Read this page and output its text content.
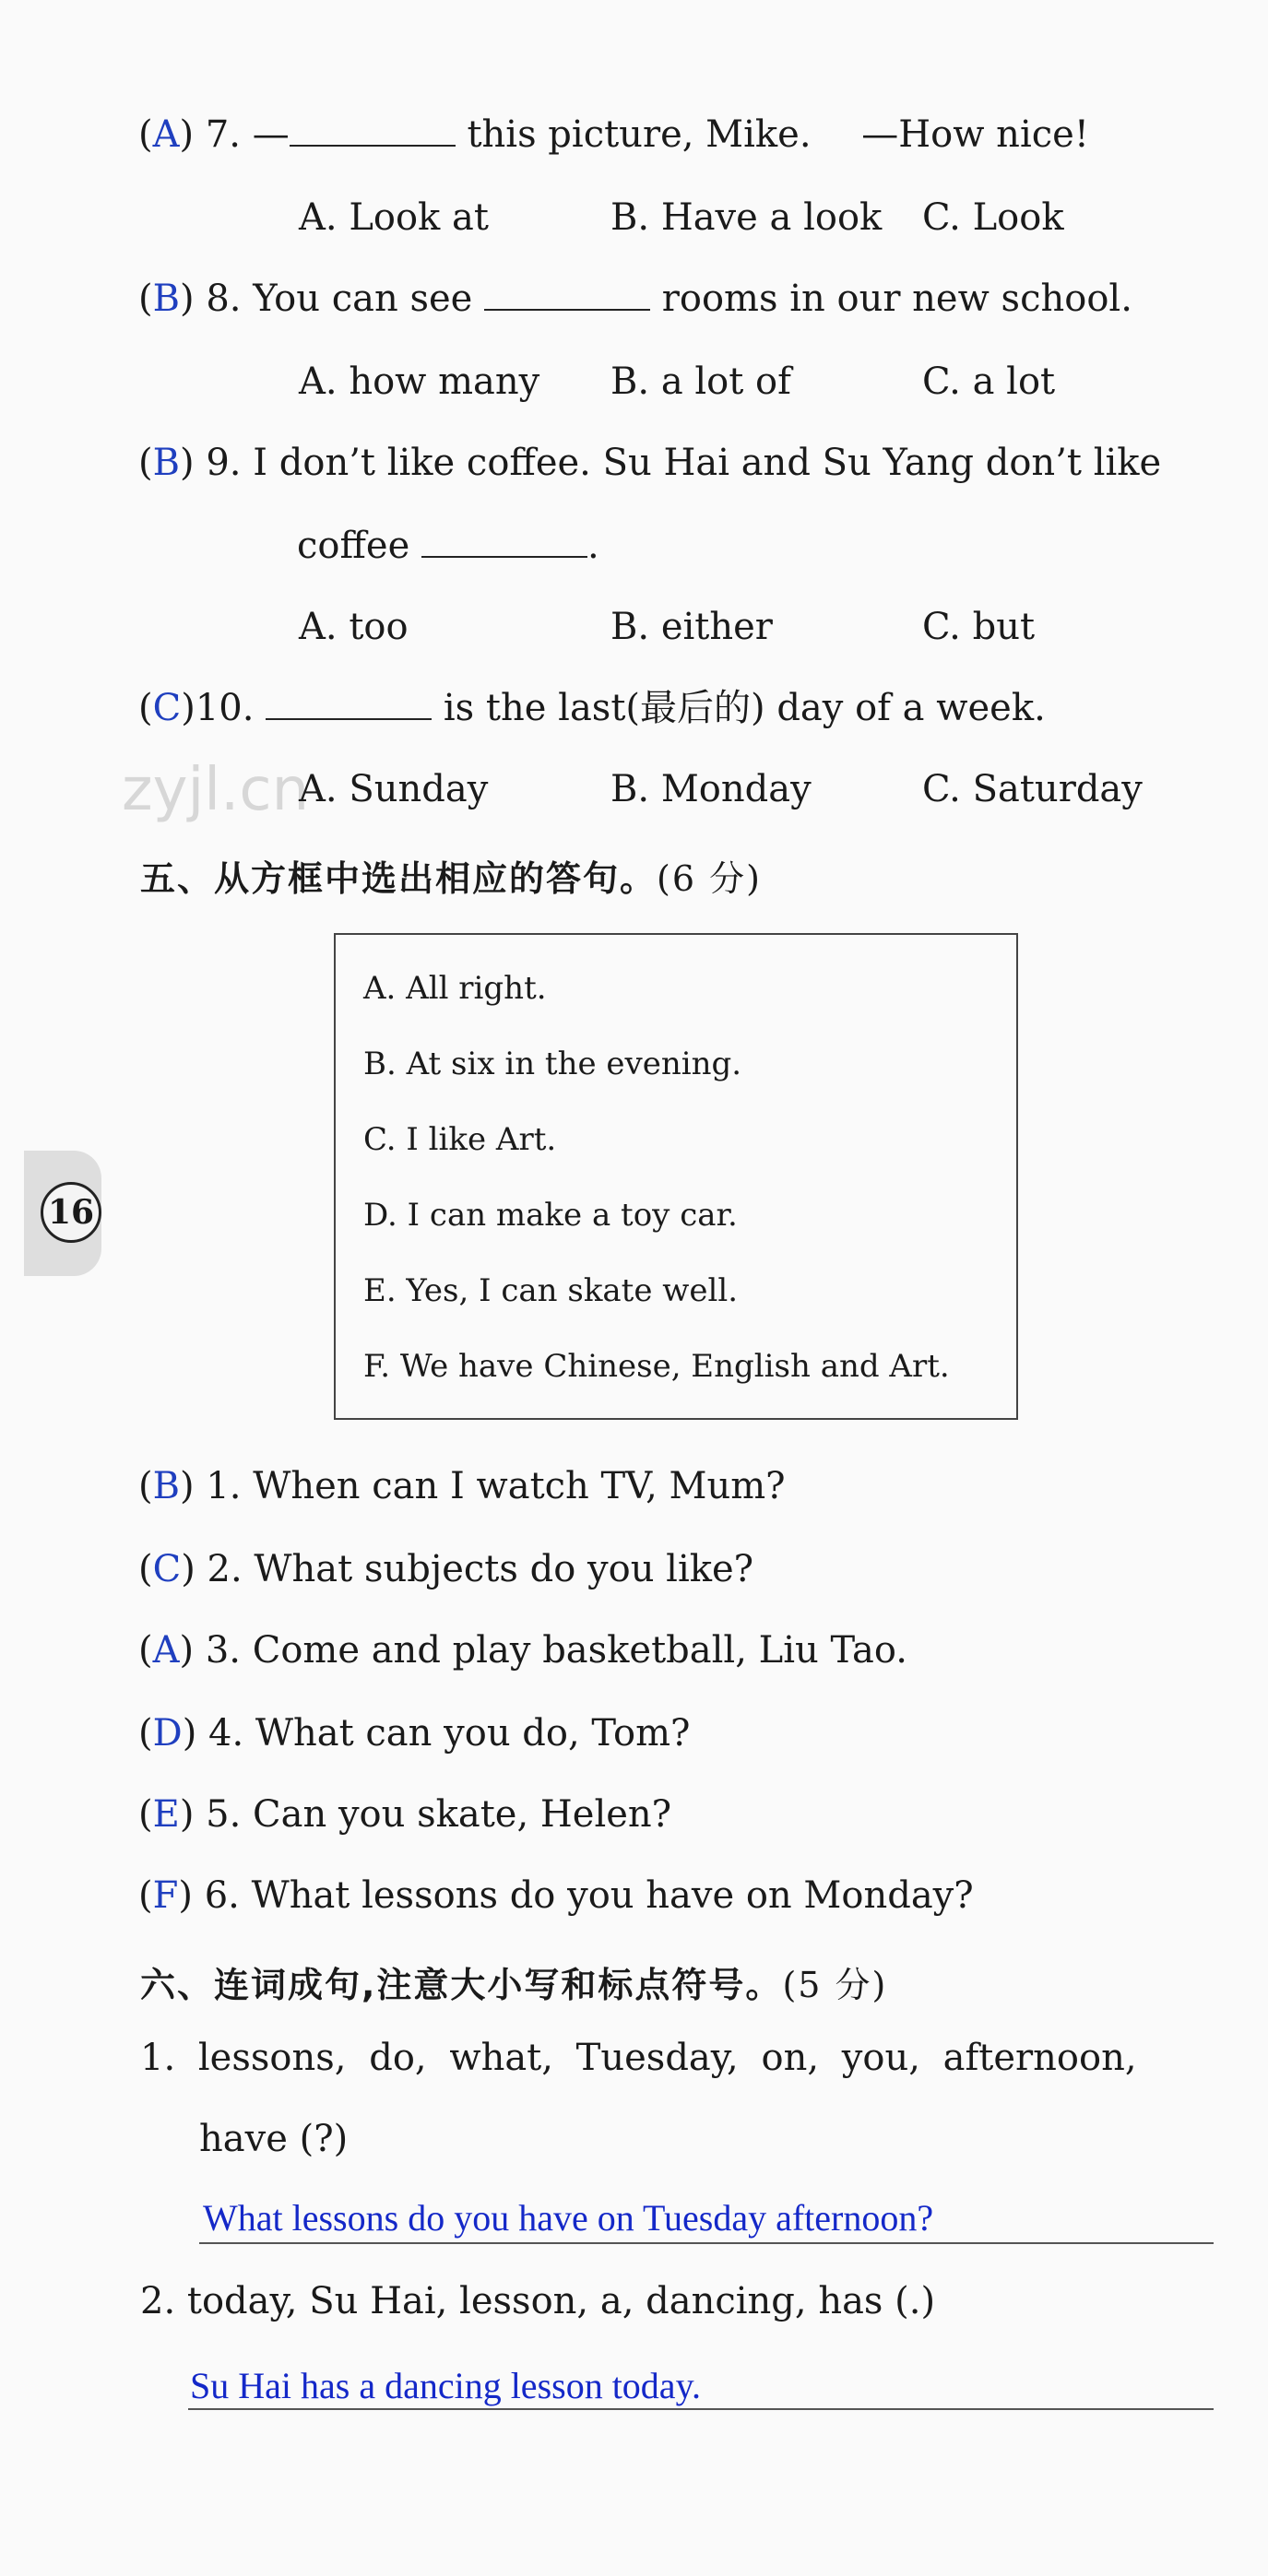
16
zyjl.cn
(A) 7. —	this picture, Mike. —How nice!
A. Look at	B. Have a look C. Look
(B) 8. You can see	rooms in our new school.
A. how many B. a lot of	C. a lot
(B) 9. I don’t like coffee. Su Hai and Su Yang don’t like
coffee	.
A. too	B. either	C. but
(C)10.	is the last(最后的) day of a week.
A. Sunday	B. Monday	C. Saturday
五、从方框中选出相应的答句。(6 分)
A. All right.
B. At six in the evening.
C. I like Art.
D. I can make a toy car.
E. Yes, I can skate well.
F. We have Chinese, English and Art.
(B) 1. When can I watch TV, Mum?
(C) 2. What subjects do you like?
(A) 3. Come and play basketball, Liu Tao.
(D) 4. What can you do, Tom?
(E) 5. Can you skate, Helen?
(F) 6. What lessons do you have on Monday?
六、连词成句,注意大小写和标点符号。(5 分)
1. lessons, do, what, Tuesday, on, you, afternoon,
have (?)
What lessons do you have on Tuesday afternoon?
2. today, Su Hai, lesson, a, dancing, has (.)
Su Hai has a dancing lesson today.
